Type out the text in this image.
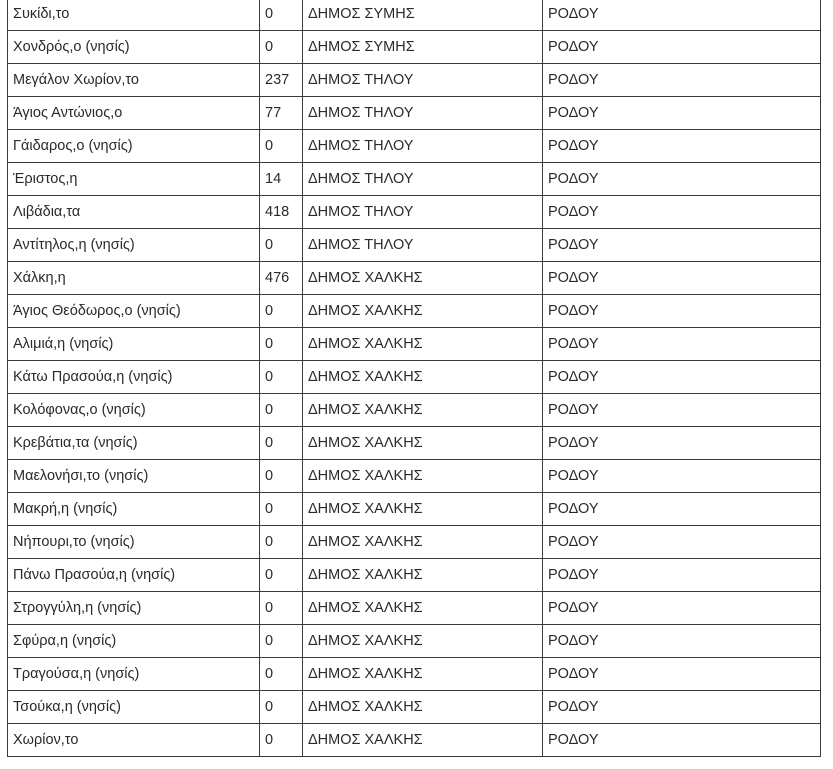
Συκίδι,το	0	ΔΗΜΟΣ ΣΥΜΗΣ	ΡΟΔΟΥ
Χονδρός,ο (νησίς)	0	ΔΗΜΟΣ ΣΥΜΗΣ	ΡΟΔΟΥ
Μεγάλον Χωρίον,το	237	ΔΗΜΟΣ ΤΗΛΟΥ	ΡΟΔΟΥ
Άγιος Αντώνιος,ο	77	ΔΗΜΟΣ ΤΗΛΟΥ	ΡΟΔΟΥ
Γάιδαρος,ο (νησίς)	0	ΔΗΜΟΣ ΤΗΛΟΥ	ΡΟΔΟΥ
Έριστος,η	14	ΔΗΜΟΣ ΤΗΛΟΥ	ΡΟΔΟΥ
Λιβάδια,τα	418	ΔΗΜΟΣ ΤΗΛΟΥ	ΡΟΔΟΥ
Αντίτηλος,η (νησίς)	0	ΔΗΜΟΣ ΤΗΛΟΥ	ΡΟΔΟΥ
Χάλκη,η	476	ΔΗΜΟΣ ΧΑΛΚΗΣ	ΡΟΔΟΥ
Άγιος Θεόδωρος,ο (νησίς)	0	ΔΗΜΟΣ ΧΑΛΚΗΣ	ΡΟΔΟΥ
Αλιμιά,η (νησίς)	0	ΔΗΜΟΣ ΧΑΛΚΗΣ	ΡΟΔΟΥ
Κάτω Πρασούα,η (νησίς)	0	ΔΗΜΟΣ ΧΑΛΚΗΣ	ΡΟΔΟΥ
Κολόφονας,ο (νησίς)	0	ΔΗΜΟΣ ΧΑΛΚΗΣ	ΡΟΔΟΥ
Κρεβάτια,τα (νησίς)	0	ΔΗΜΟΣ ΧΑΛΚΗΣ	ΡΟΔΟΥ
Μαελονήσι,το (νησίς)	0	ΔΗΜΟΣ ΧΑΛΚΗΣ	ΡΟΔΟΥ
Μακρή,η (νησίς)	0	ΔΗΜΟΣ ΧΑΛΚΗΣ	ΡΟΔΟΥ
Νήπουρι,το (νησίς)	0	ΔΗΜΟΣ ΧΑΛΚΗΣ	ΡΟΔΟΥ
Πάνω Πρασούα,η (νησίς)	0	ΔΗΜΟΣ ΧΑΛΚΗΣ	ΡΟΔΟΥ
Στρογγύλη,η (νησίς)	0	ΔΗΜΟΣ ΧΑΛΚΗΣ	ΡΟΔΟΥ
Σφύρα,η (νησίς)	0	ΔΗΜΟΣ ΧΑΛΚΗΣ	ΡΟΔΟΥ
Τραγούσα,η (νησίς)	0	ΔΗΜΟΣ ΧΑΛΚΗΣ	ΡΟΔΟΥ
Τσούκα,η (νησίς)	0	ΔΗΜΟΣ ΧΑΛΚΗΣ	ΡΟΔΟΥ
Χωρίον,το	0	ΔΗΜΟΣ ΧΑΛΚΗΣ	ΡΟΔΟΥ
